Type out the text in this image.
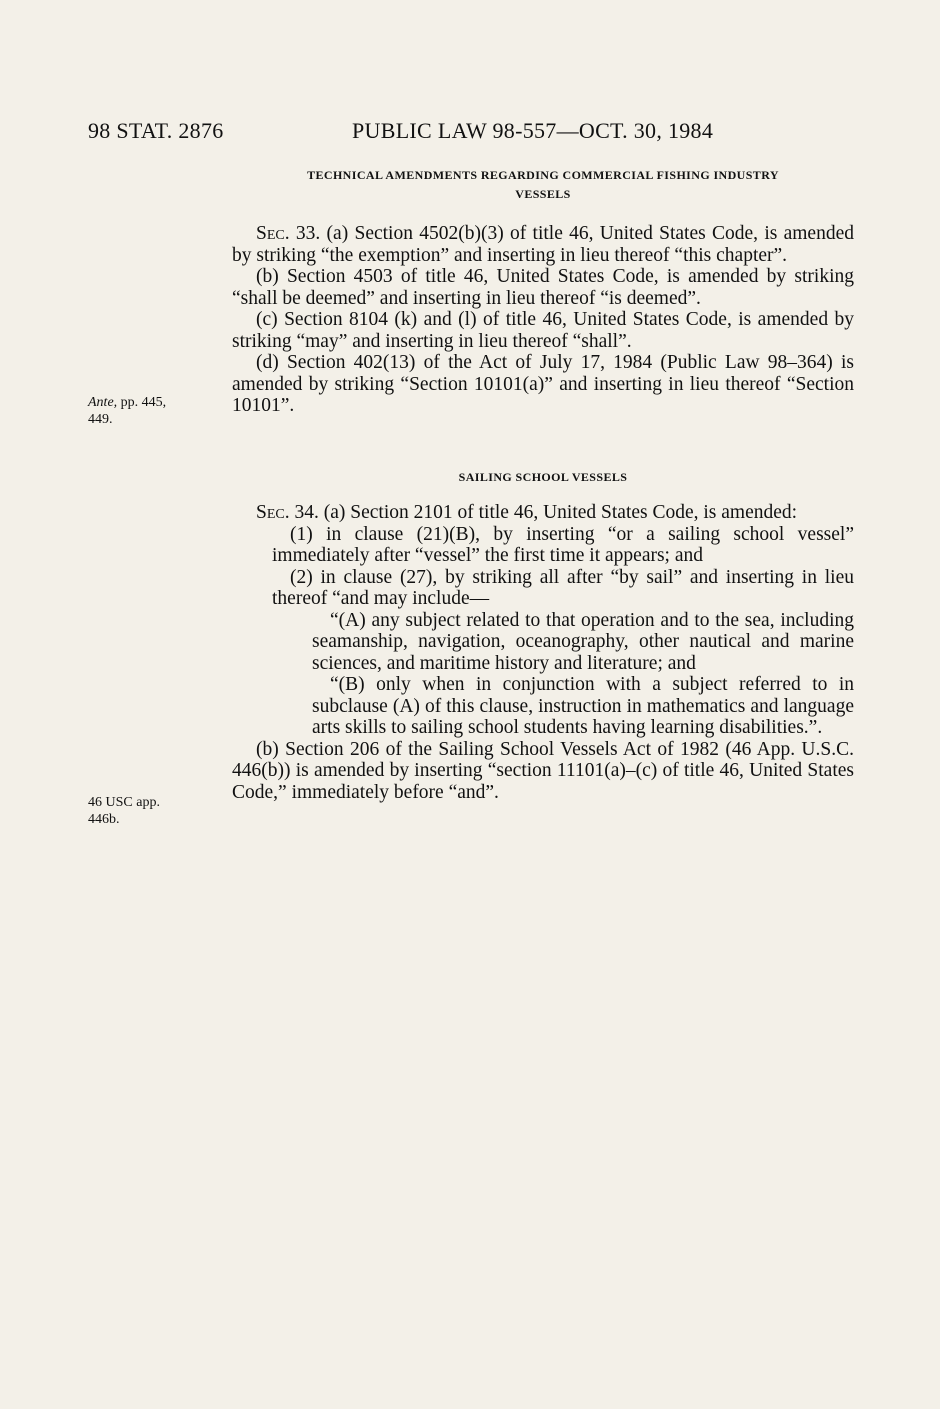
98 STAT. 2876	PUBLIC LAW 98-557—OCT. 30, 1984
TECHNICAL AMENDMENTS REGARDING COMMERCIAL FISHING INDUSTRY
VESSELS

Sec. 33. (a) Section 4502(b)(3) of title 46, United States Code, is amended by striking “the exemption” and inserting in lieu thereof “this chapter”.

(b) Section 4503 of title 46, United States Code, is amended by striking “shall be deemed” and inserting in lieu thereof “is deemed”.

(c) Section 8104 (k) and (l) of title 46, United States Code, is amended by striking “may” and inserting in lieu thereof “shall”.

(d) Section 402(13) of the Act of July 17, 1984 (Public Law 98–364) is amended by striking “Section 10101(a)” and inserting in lieu thereof “Section 10101”.

Ante, pp. 445,
449.
SAILING SCHOOL VESSELS

Sec. 34. (a) Section 2101 of title 46, United States Code, is amended:

(1) in clause (21)(B), by inserting “or a sailing school vessel” immediately after “vessel” the first time it appears; and

(2) in clause (27), by striking all after “by sail” and inserting in lieu thereof “and may include—

“(A) any subject related to that operation and to the sea, including seamanship, navigation, oceanography, other nautical and marine sciences, and maritime history and literature; and

“(B) only when in conjunction with a subject referred to in subclause (A) of this clause, instruction in mathematics and language arts skills to sailing school students having learning disabilities.”.

(b) Section 206 of the Sailing School Vessels Act of 1982 (46 App. U.S.C. 446(b)) is amended by inserting “section 11101(a)–(c) of title 46, United States Code,” immediately before “and”.

46 USC app.
446b.
